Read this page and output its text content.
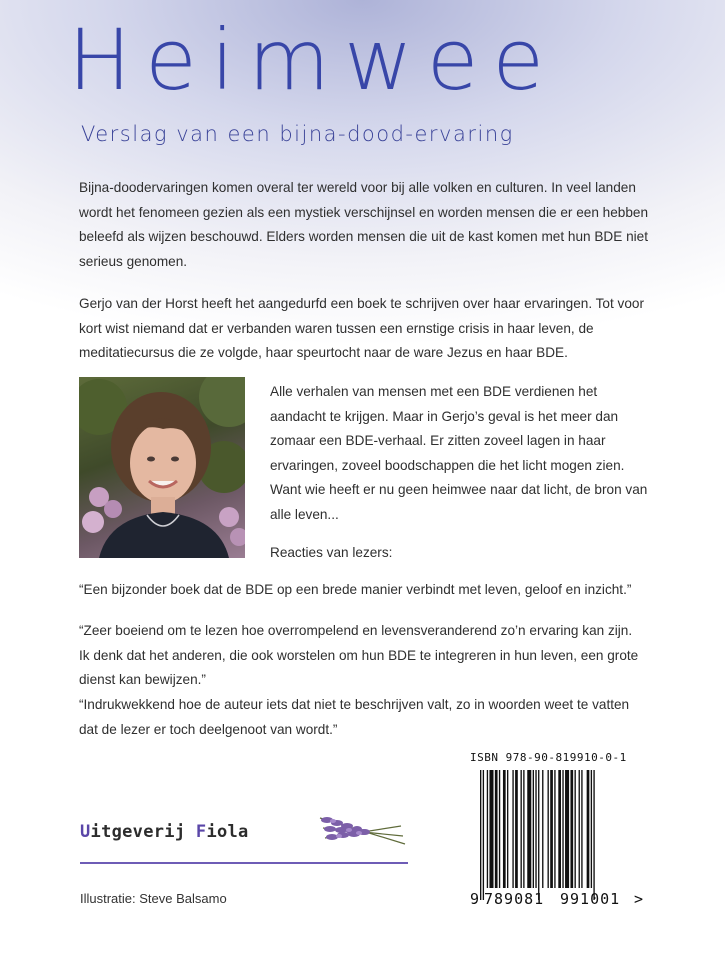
Heimwee
Verslag van een bijna-dood-ervaring

Bijna-doodervaringen komen overal ter wereld voor bij alle volken en culturen. In veel landen wordt het fenomeen gezien als een mystiek verschijnsel en worden mensen die er een hebben beleefd als wijzen beschouwd. Elders worden mensen die uit de kast komen met hun BDE niet serieus genomen.

Gerjo van der Horst heeft het aangedurfd een boek te schrijven over haar ervaringen. Tot voor kort wist niemand dat er verbanden waren tussen een ernstige crisis in haar leven, de meditatiecursus die ze volgde, haar speurtocht naar de ware Jezus en haar BDE.

Alle verhalen van mensen met een BDE verdienen het aandacht te krijgen. Maar in Gerjo’s geval is het meer dan zomaar een BDE-verhaal. Er zitten zoveel lagen in haar ervaringen, zoveel boodschappen die het licht mogen zien. Want wie heeft er nu geen heimwee naar dat licht, de bron van alle leven...

Reacties van lezers:

“Een bijzonder boek dat de BDE op een brede manier verbindt met leven, geloof en inzicht.”

“Zeer boeiend om te lezen hoe overrompelend en levensveranderend zo’n ervaring kan zijn. Ik denk dat het anderen, die ook worstelen om hun BDE te integreren in hun leven, een grote dienst kan bewijzen.”

“Indrukwekkend hoe de auteur iets dat niet te beschrijven valt, zo in woorden weet te vatten dat de lezer er toch deelgenoot van wordt.”

ISBN 978-90-819910-0-1

9 789081 991001 >

Uitgeverij Fiola

Illustratie: Steve Balsamo
